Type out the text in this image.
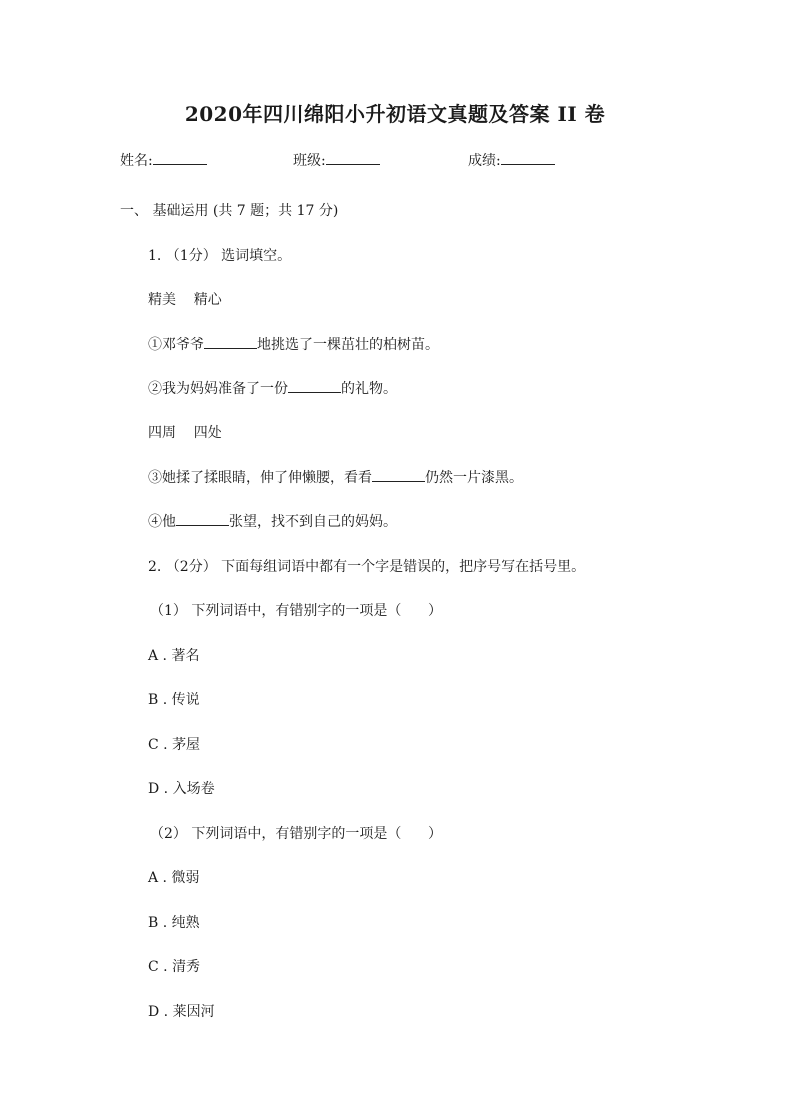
2020年四川绵阳小升初语文真题及答案 II 卷
姓名:	班级:	成绩:
一、 基础运用 (共 7 题；共 17 分)
1. （1分） 选词填空。
精美    精心
①邓爷爷	地挑选了一棵茁壮的柏树苗。
②我为妈妈准备了一份	的礼物。
四周    四处
③她揉了揉眼睛，伸了伸懒腰，看看	仍然一片漆黑。
④他	张望，找不到自己的妈妈。
2. （2分） 下面每组词语中都有一个字是错误的，把序号写在括号里。
（1） 下列词语中，有错别字的一项是（      ）
A . 著名
B . 传说
C . 茅屋
D . 入场卷
（2） 下列词语中，有错别字的一项是（      ）
A . 微弱
B . 纯熟
C . 清秀
D . 莱因河
